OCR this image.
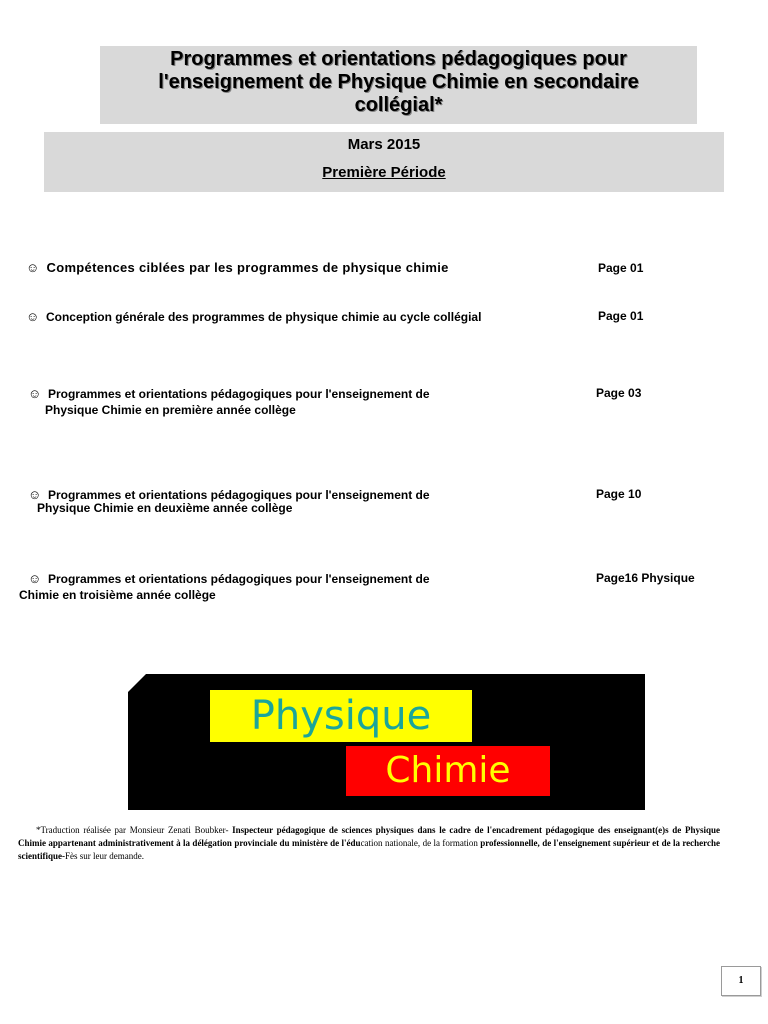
Programmes et orientations pédagogiques pour
l'enseignement de Physique Chimie en secondaire
collégial*
Mars 2015
Première Période
☺ Compétences ciblées par les programmes de physique chimie	Page 01
☺ Conception générale des programmes de physique chimie au cycle collégial	Page 01
☺ Programmes et orientations pédagogiques pour l'enseignement de
Physique Chimie en première année collège
Page 03
☺ Programmes et orientations pédagogiques pour l'enseignement de
Physique Chimie en deuxième année collège
Page 10
☺ Programmes et orientations pédagogiques pour l'enseignement de
Chimie en troisième année collège
Page16 Physique
Physique
Chimie
*Traduction réalisée par Monsieur Zenati Boubker- Inspecteur pédagogique de sciences physiques dans le cadre de l'encadrement pédagogique des enseignant(e)s de Physique Chimie appartenant administrativement à la délégation provinciale du ministère de l'éducation nationale, de la formation professionnelle, de l'enseignement supérieur et de la recherche scientifique-Fès sur leur demande.
1
